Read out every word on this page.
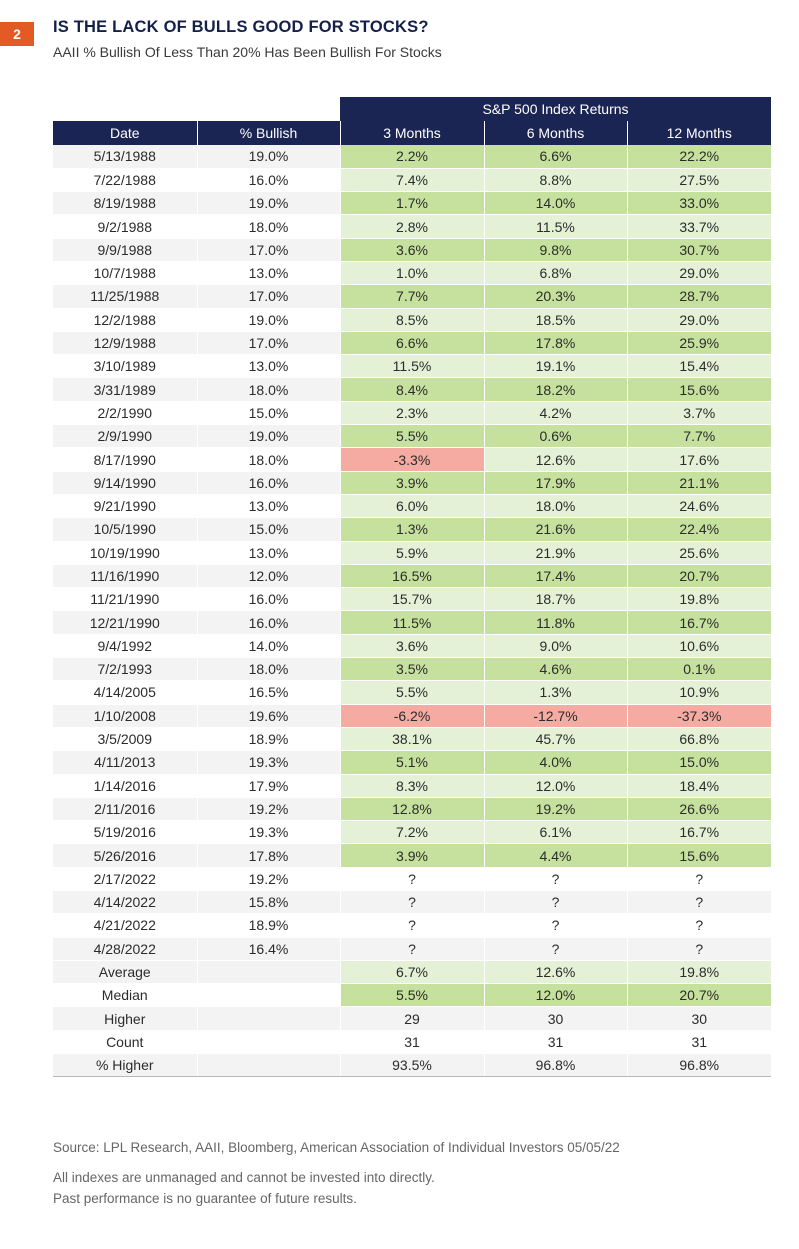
2	IS THE LACK OF BULLS GOOD FOR STOCKS?
AAII % Bullish Of Less Than 20% Has Been Bullish For Stocks
		S&P 500 Index Returns		
Date	% Bullish	3 Months	6 Months	12 Months
5/13/1988	19.0%	2.2%	6.6%	22.2%
7/22/1988	16.0%	7.4%	8.8%	27.5%
8/19/1988	19.0%	1.7%	14.0%	33.0%
9/2/1988	18.0%	2.8%	11.5%	33.7%
9/9/1988	17.0%	3.6%	9.8%	30.7%
10/7/1988	13.0%	1.0%	6.8%	29.0%
11/25/1988	17.0%	7.7%	20.3%	28.7%
12/2/1988	19.0%	8.5%	18.5%	29.0%
12/9/1988	17.0%	6.6%	17.8%	25.9%
3/10/1989	13.0%	11.5%	19.1%	15.4%
3/31/1989	18.0%	8.4%	18.2%	15.6%
2/2/1990	15.0%	2.3%	4.2%	3.7%
2/9/1990	19.0%	5.5%	0.6%	7.7%
8/17/1990	18.0%	-3.3%	12.6%	17.6%
9/14/1990	16.0%	3.9%	17.9%	21.1%
9/21/1990	13.0%	6.0%	18.0%	24.6%
10/5/1990	15.0%	1.3%	21.6%	22.4%
10/19/1990	13.0%	5.9%	21.9%	25.6%
11/16/1990	12.0%	16.5%	17.4%	20.7%
11/21/1990	16.0%	15.7%	18.7%	19.8%
12/21/1990	16.0%	11.5%	11.8%	16.7%
9/4/1992	14.0%	3.6%	9.0%	10.6%
7/2/1993	18.0%	3.5%	4.6%	0.1%
4/14/2005	16.5%	5.5%	1.3%	10.9%
1/10/2008	19.6%	-6.2%	-12.7%	-37.3%
3/5/2009	18.9%	38.1%	45.7%	66.8%
4/11/2013	19.3%	5.1%	4.0%	15.0%
1/14/2016	17.9%	8.3%	12.0%	18.4%
2/11/2016	19.2%	12.8%	19.2%	26.6%
5/19/2016	19.3%	7.2%	6.1%	16.7%
5/26/2016	17.8%	3.9%	4.4%	15.6%
2/17/2022	19.2%	?	?	?
4/14/2022	15.8%	?	?	?
4/21/2022	18.9%	?	?	?
4/28/2022	16.4%	?	?	?
Average		6.7%	12.6%	19.8%
Median		5.5%	12.0%	20.7%
Higher		29	30	30
Count		31	31	31
% Higher		93.5%	96.8%	96.8%
Source: LPL Research, AAII, Bloomberg, American Association of Individual Investors 05/05/22
All indexes are unmanaged and cannot be invested into directly.
Past performance is no guarantee of future results.
